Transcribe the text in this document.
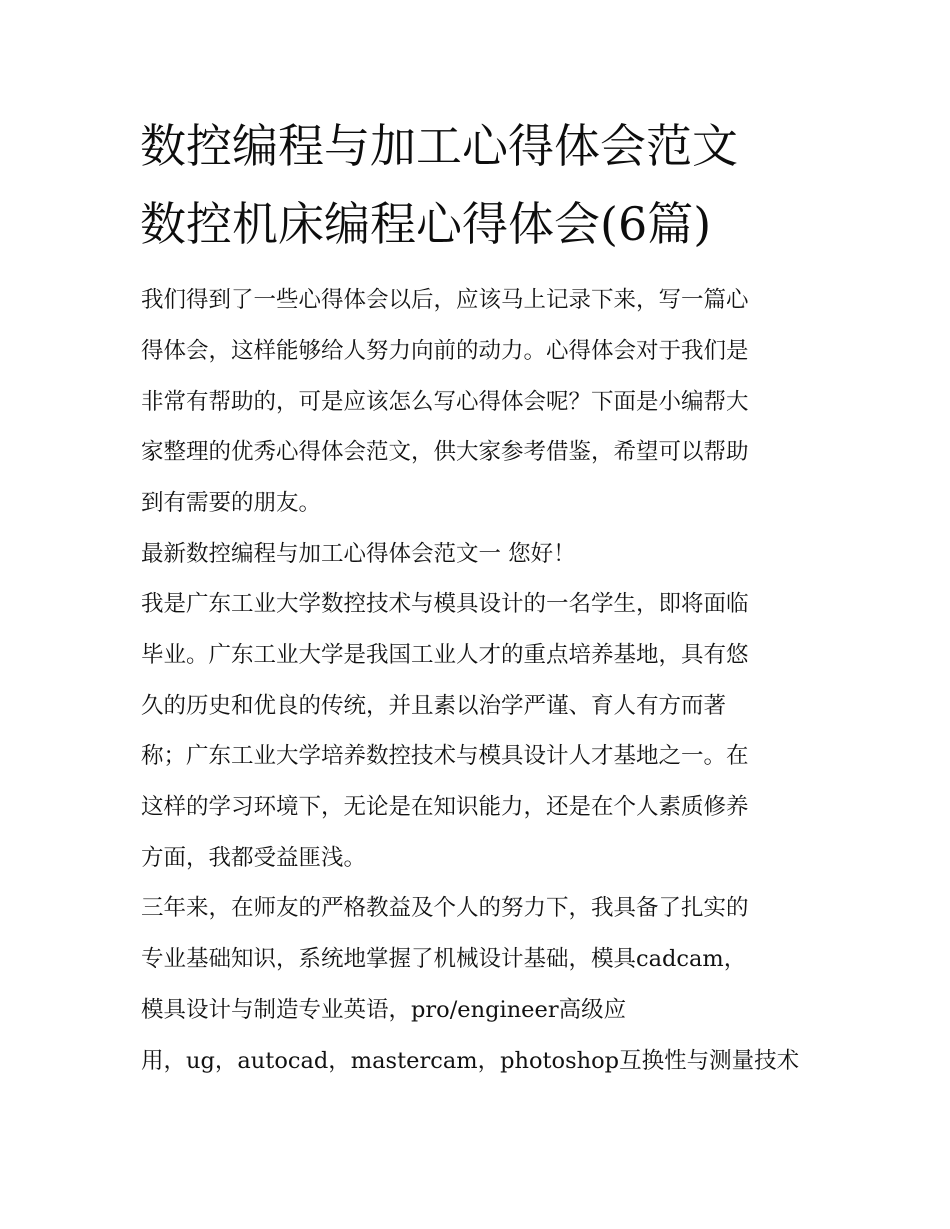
数控编程与加工心得体会范文
数控机床编程心得体会(6篇)
我们得到了一些心得体会以后，应该马上记录下来，写一篇心
得体会，这样能够给人努力向前的动力。心得体会对于我们是
非常有帮助的，可是应该怎么写心得体会呢？下面是小编帮大
家整理的优秀心得体会范文，供大家参考借鉴，希望可以帮助
到有需要的朋友。
最新数控编程与加工心得体会范文一 您好！
我是广东工业大学数控技术与模具设计的一名学生，即将面临
毕业。广东工业大学是我国工业人才的重点培养基地，具有悠
久的历史和优良的传统，并且素以治学严谨、育人有方而著
称；广东工业大学培养数控技术与模具设计人才基地之一。在
这样的学习环境下，无论是在知识能力，还是在个人素质修养
方面，我都受益匪浅。
三年来，在师友的严格教益及个人的努力下，我具备了扎实的
专业基础知识，系统地掌握了机械设计基础，模具cadcam，
模具设计与制造专业英语，pro/engineer高级应
用，ug，autocad，mastercam，photoshop互换性与测量技术
